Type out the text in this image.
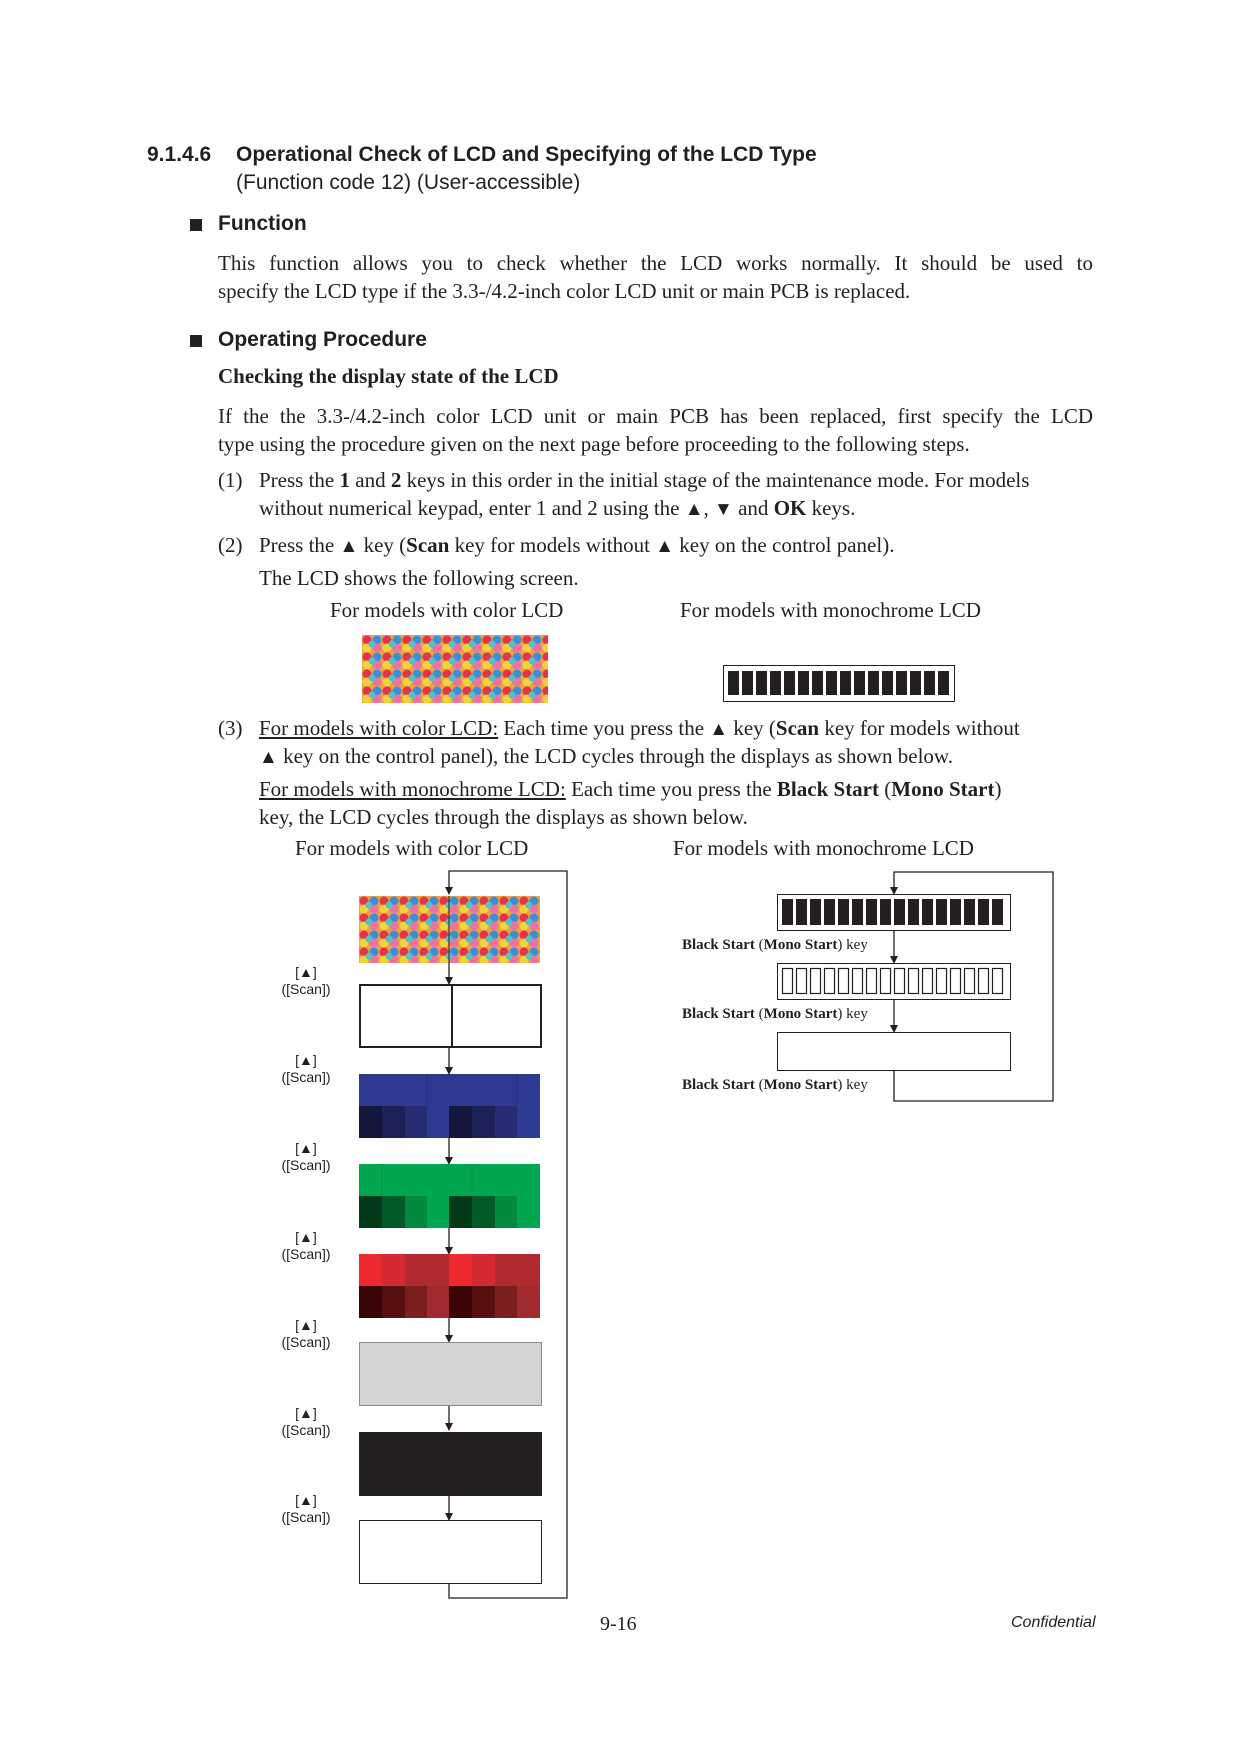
9.1.4.6 Operational Check of LCD and Specifying of the LCD Type
(Function code 12) (User-accessible)
Function
This function allows you to check whether the LCD works normally. It should be used to
specify the LCD type if the 3.3-/4.2-inch color LCD unit or main PCB is replaced.
Operating Procedure
Checking the display state of the LCD
If the the 3.3-/4.2-inch color LCD unit or main PCB has been replaced, first specify the LCD
type using the procedure given on the next page before proceeding to the following steps.
(1) Press the 1 and 2 keys in this order in the initial stage of the maintenance mode. For models
without numerical keypad, enter 1 and 2 using the ▲, ▼ and OK keys.
(2) Press the ▲ key (Scan key for models without ▲ key on the control panel).
The LCD shows the following screen.
For models with color LCD	For models with monochrome LCD
(3) For models with color LCD: Each time you press the ▲ key (Scan key for models without
▲ key on the control panel), the LCD cycles through the displays as shown below.
For models with monochrome LCD: Each time you press the Black Start (Mono Start)
key, the LCD cycles through the displays as shown below.
For models with color LCD	For models with monochrome LCD
[▲]
([Scan])
[▲]
([Scan])
[▲]
([Scan])
[▲]
([Scan])
[▲]
([Scan])
[▲]
([Scan])
[▲]
([Scan])
Black Start (Mono Start) key
Black Start (Mono Start) key
Black Start (Mono Start) key
9-16	Confidential
